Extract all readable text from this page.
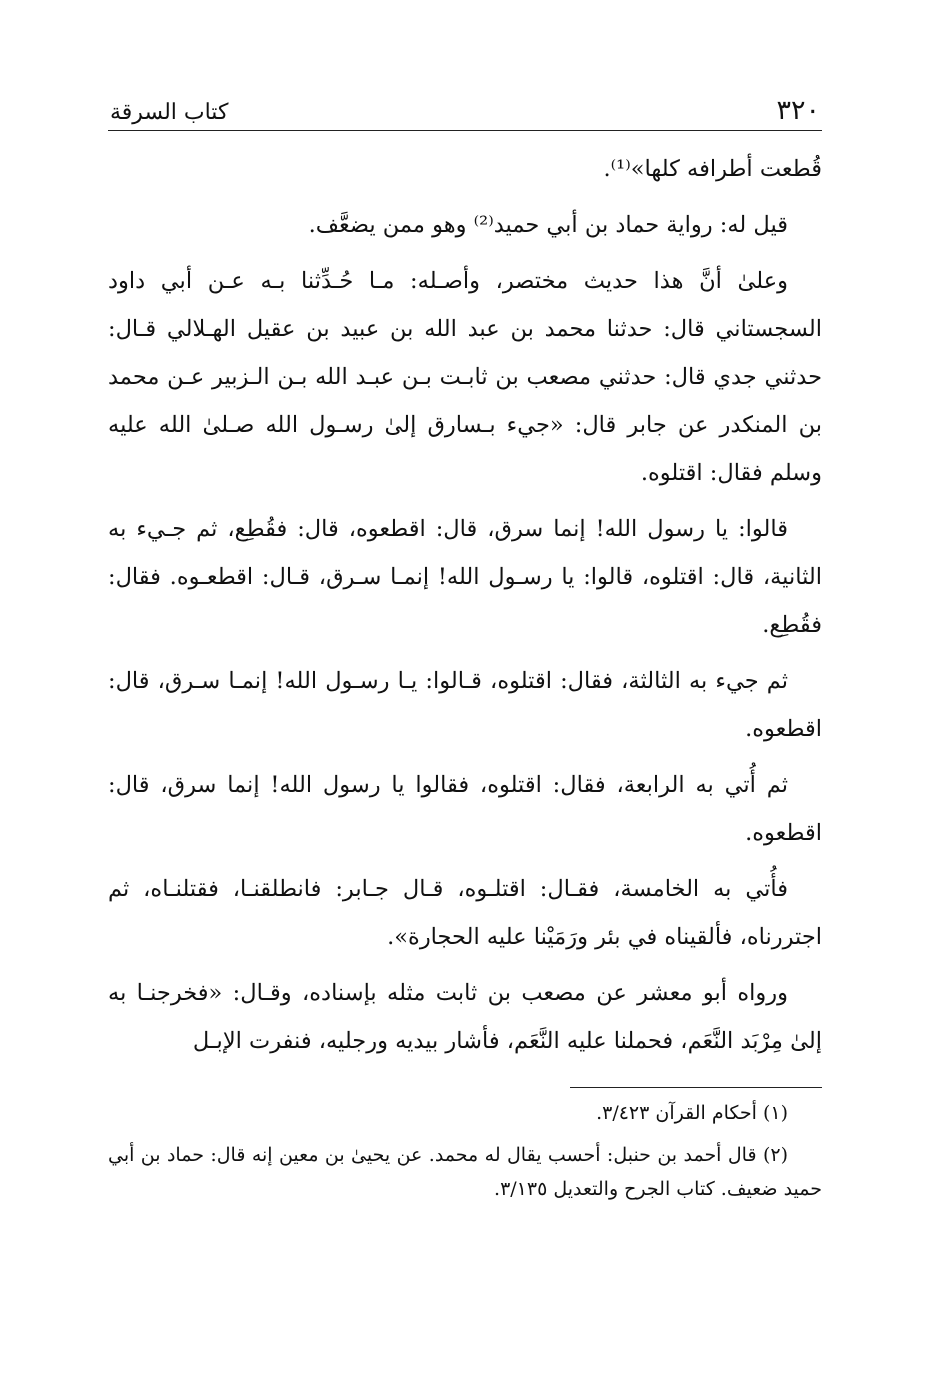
٣٢٠
كتاب السرقة

قُطعت أطرافه كلها»⁽¹⁾.

قيل له: رواية حماد بن أبي حميد⁽²⁾ وهو ممن يضعَّف.

وعلىٰ أنَّ هذا حديث مختصر، وأصـله: مـا حُـدِّثنا بـه عـن أبي داود السجستاني قال: حدثنا محمد بن عبد الله بن عبيد بن عقيل الهـلالي قـال: حدثني جدي قال: حدثني مصعب بن ثابـت بـن عبـد الله بـن الـزبير عـن محمد بن المنكدر عن جابر قال: «جيء بـسارق إلىٰ رسـول الله صـلىٰ الله عليه وسلم فقال: اقتلوه.

قالوا: يا رسول الله! إنما سرق، قال: اقطعوه، قال: فقُطِع، ثم جـيء به الثانية، قال: اقتلوه، قالوا: يا رسـول الله! إنمـا سـرق، قـال: اقطعـوه. فقال: فقُطِع.

ثم جيء به الثالثة، فقال: اقتلوه، قـالوا: يـا رسـول الله! إنمـا سـرق، قال: اقطعوه.

ثم أُتي به الرابعة، فقال: اقتلوه، فقالوا يا رسول الله! إنما سرق، قال: اقطعوه.

فأُتي به الخامسة، فقـال: اقتلـوه، قـال جـابر: فانطلقنـا، فقتلنـاه، ثم اجتررناه، فألقيناه في بئر ورَمَيْنا عليه الحجارة».

ورواه أبو معشر عن مصعب بن ثابت مثله بإسناده، وقـال: «فخرجنـا به إلىٰ مِرْبَد النَّعَم، فحملنا عليه النَّعَم، فأشار بيديه ورجليه، فنفرت الإبـل

(١) أحكام القرآن ٣/٤٢٣.

(٢) قال أحمد بن حنبل: أحسب يقال له محمد. عن يحيىٰ بن معين إنه قال: حماد بن أبي حميد ضعيف. كتاب الجرح والتعديل ٣/١٣٥.
